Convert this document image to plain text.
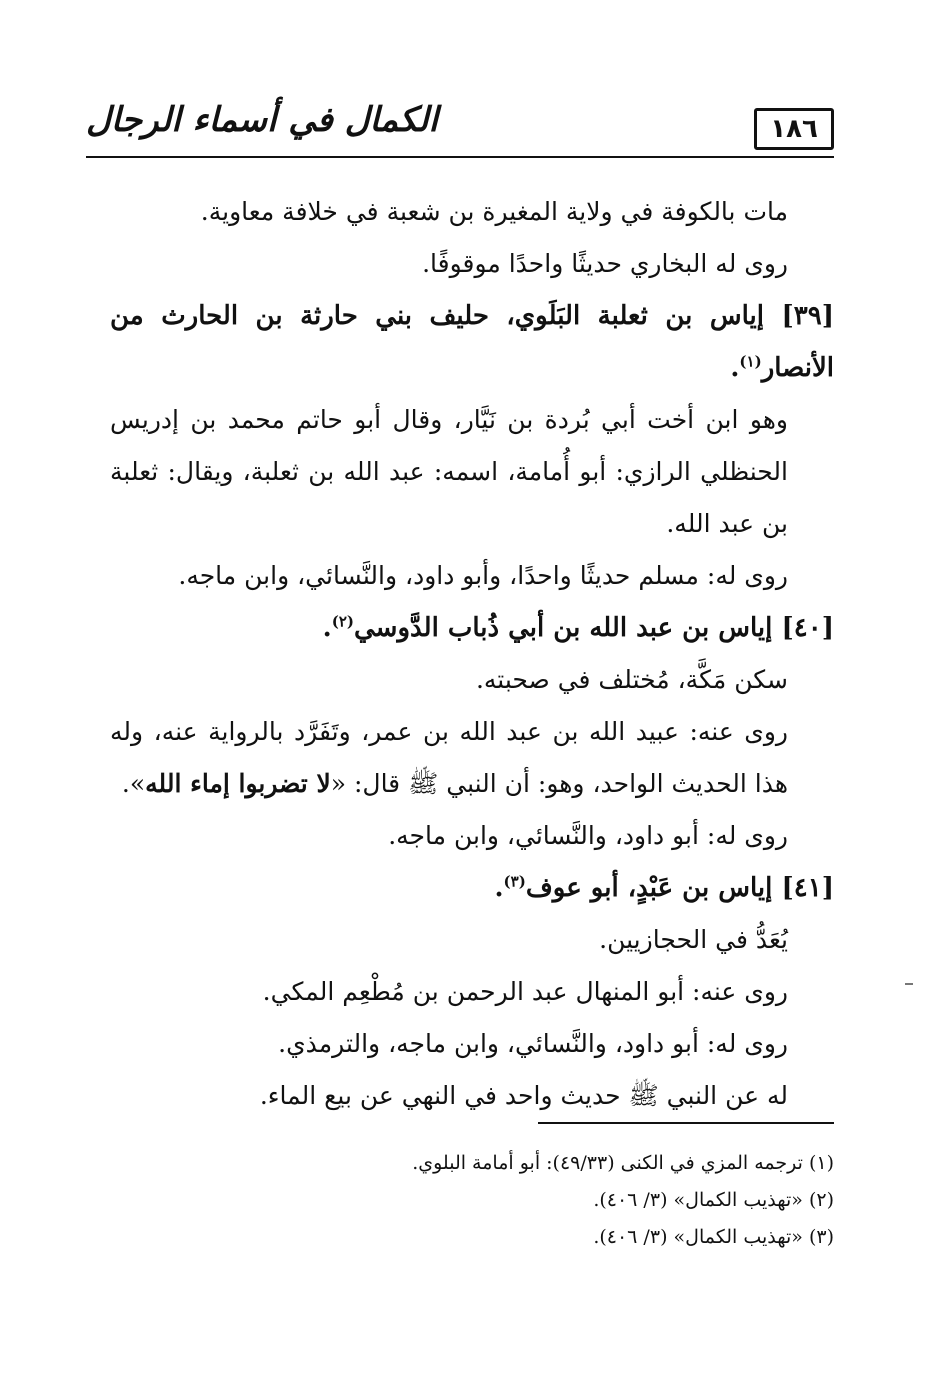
١٨٦
الكمال في أسماء الرجال

مات بالكوفة في ولاية المغيرة بن شعبة في خلافة معاوية.

روى له البخاري حديثًا واحدًا موقوفًا.

[٣٩] إياس بن ثعلبة البَلَوي، حليف بني حارثة بن الحارث من الأنصار$^{(١)}$.

وهو ابن أخت أبي بُردة بن نَيَّار، وقال أبو حاتم محمد بن إدريس الحنظلي الرازي: أبو أُمامة، اسمه: عبد الله بن ثعلبة، ويقال: ثعلبة بن عبد الله.

روى له: مسلم حديثًا واحدًا، وأبو داود، والنَّسائي، وابن ماجه.

[٤٠] إياس بن عبد الله بن أبي ذُباب الدَّوسي$^{(٢)}$.

سكن مَكَّة، مُختلف في صحبته.

روى عنه: عبيد الله بن عبد الله بن عمر، وتَفَرَّد بالرواية عنه، وله هذا الحديث الواحد، وهو: أن النبي ﷺ قال: «لا تضربوا إماء الله».

روى له: أبو داود، والنَّسائي، وابن ماجه.

[٤١] إياس بن عَبْدٍ، أبو عوف$^{(٣)}$.

يُعَدُّ في الحجازيين.

روى عنه: أبو المنهال عبد الرحمن بن مُطْعِم المكي.

روى له: أبو داود، والنَّسائي، وابن ماجه، والترمذي.

له عن النبي ﷺ حديث واحد في النهي عن بيع الماء.

(١) ترجمه المزي في الكنى (٤٩/٣٣): أبو أمامة البلوي.

(٢) «تهذيب الكمال» (٣/ ٤٠٦).

(٣) «تهذيب الكمال» (٣/ ٤٠٦).
